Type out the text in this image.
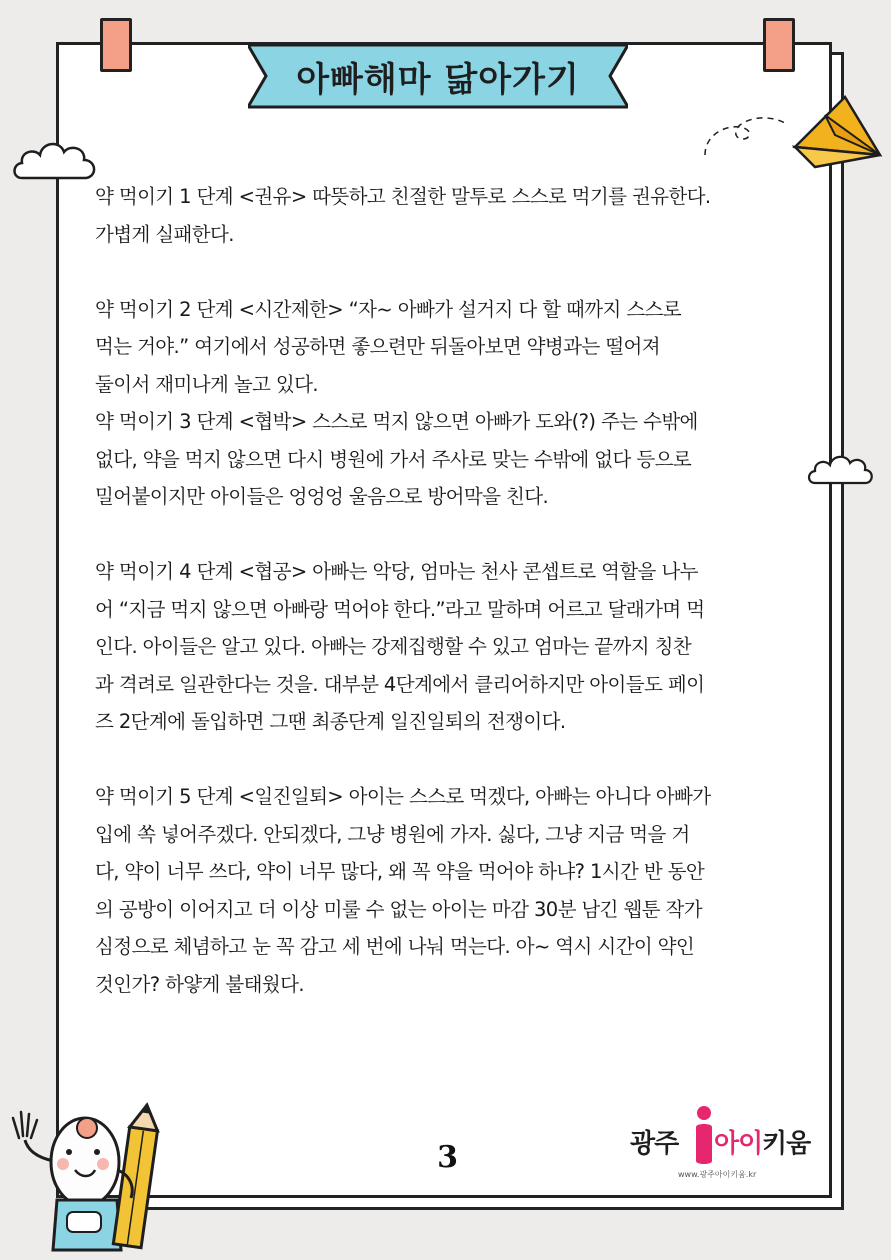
아빠해마 닮아가기

약 먹이기 1 단계 <권유> 따뜻하고 친절한 말투로 스스로 먹기를 권유한다.
가볍게 실패한다.

약 먹이기 2 단계 <시간제한> “자~ 아빠가 설거지 다 할 때까지 스스로
먹는 거야.” 여기에서 성공하면 좋으련만 뒤돌아보면 약병과는 떨어져
둘이서 재미나게 놀고 있다.
약 먹이기 3 단계 <협박> 스스로 먹지 않으면 아빠가 도와(?) 주는 수밖에
없다, 약을 먹지 않으면 다시 병원에 가서 주사로 맞는 수밖에 없다 등으로
밀어붙이지만 아이들은 엉엉엉 울음으로 방어막을 친다.

약 먹이기 4 단계 <협공> 아빠는 악당, 엄마는 천사 콘셉트로 역할을 나누
어 “지금 먹지 않으면 아빠랑 먹어야 한다.”라고 말하며 어르고 달래가며 먹
인다. 아이들은 알고 있다. 아빠는 강제집행할 수 있고 엄마는 끝까지 칭찬
과 격려로 일관한다는 것을. 대부분 4단계에서 클리어하지만 아이들도 페이
즈 2단계에 돌입하면 그땐 최종단계 일진일퇴의 전쟁이다.

약 먹이기 5 단계 <일진일퇴> 아이는 스스로 먹겠다, 아빠는 아니다 아빠가
입에 쏙 넣어주겠다. 안되겠다, 그냥 병원에 가자. 싫다, 그냥 지금 먹을 거
다, 약이 너무 쓰다, 약이 너무 많다, 왜 꼭 약을 먹어야 하냐? 1시간 반 동안
의 공방이 이어지고 더 이상 미룰 수 없는 아이는 마감 30분 남긴 웹툰 작가
심정으로 체념하고 눈 꼭 감고 세 번에 나눠 먹는다. 아~ 역시 시간이 약인
것인가? 하얗게 불태웠다.

3	광주 아이 키움
www.광주아이키움.kr
